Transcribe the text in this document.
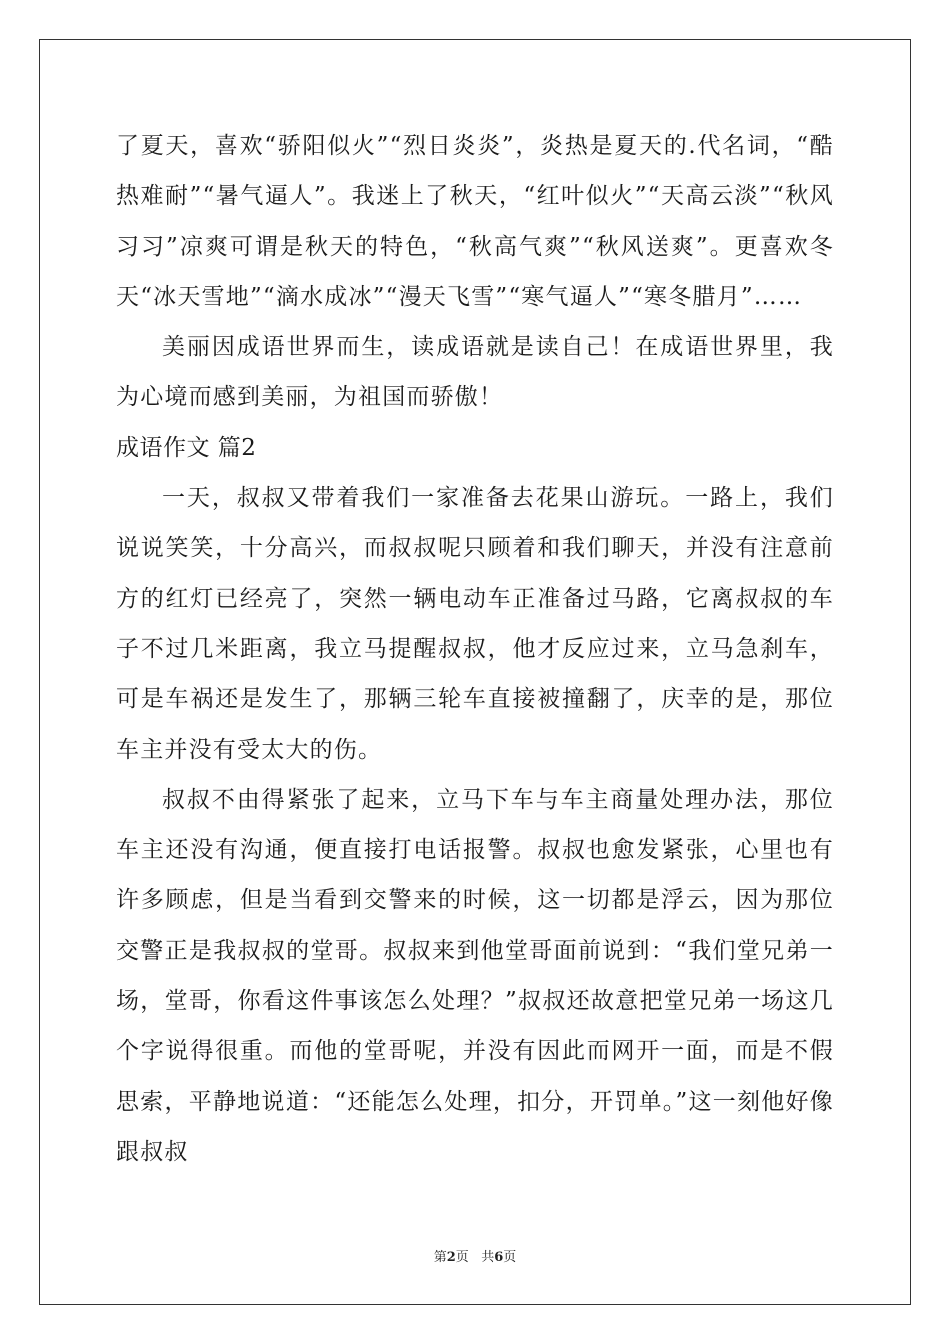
了夏天，喜欢“骄阳似火”“烈日炎炎”，炎热是夏天的.代名词，“酷热难耐”“暑气逼人”。我迷上了秋天，“红叶似火”“天高云淡”“秋风习习”凉爽可谓是秋天的特色，“秋高气爽”“秋风送爽”。更喜欢冬天“冰天雪地”“滴水成冰”“漫天飞雪”“寒气逼人”“寒冬腊月”……

美丽因成语世界而生，读成语就是读自己！在成语世界里，我为心境而感到美丽，为祖国而骄傲！

成语作文 篇2

一天，叔叔又带着我们一家准备去花果山游玩。一路上，我们说说笑笑，十分高兴，而叔叔呢只顾着和我们聊天，并没有注意前方的红灯已经亮了，突然一辆电动车正准备过马路，它离叔叔的车子不过几米距离，我立马提醒叔叔，他才反应过来，立马急刹车，可是车祸还是发生了，那辆三轮车直接被撞翻了，庆幸的是，那位车主并没有受太大的伤。

叔叔不由得紧张了起来，立马下车与车主商量处理办法，那位车主还没有沟通，便直接打电话报警。叔叔也愈发紧张，心里也有许多顾虑，但是当看到交警来的时候，这一切都是浮云，因为那位交警正是我叔叔的堂哥。叔叔来到他堂哥面前说到：“我们堂兄弟一场，堂哥，你看这件事该怎么处理？”叔叔还故意把堂兄弟一场这几个字说得很重。而他的堂哥呢，并没有因此而网开一面，而是不假思索，平静地说道：“还能怎么处理，扣分，开罚单。”这一刻他好像跟叔叔

第2页 共6页
